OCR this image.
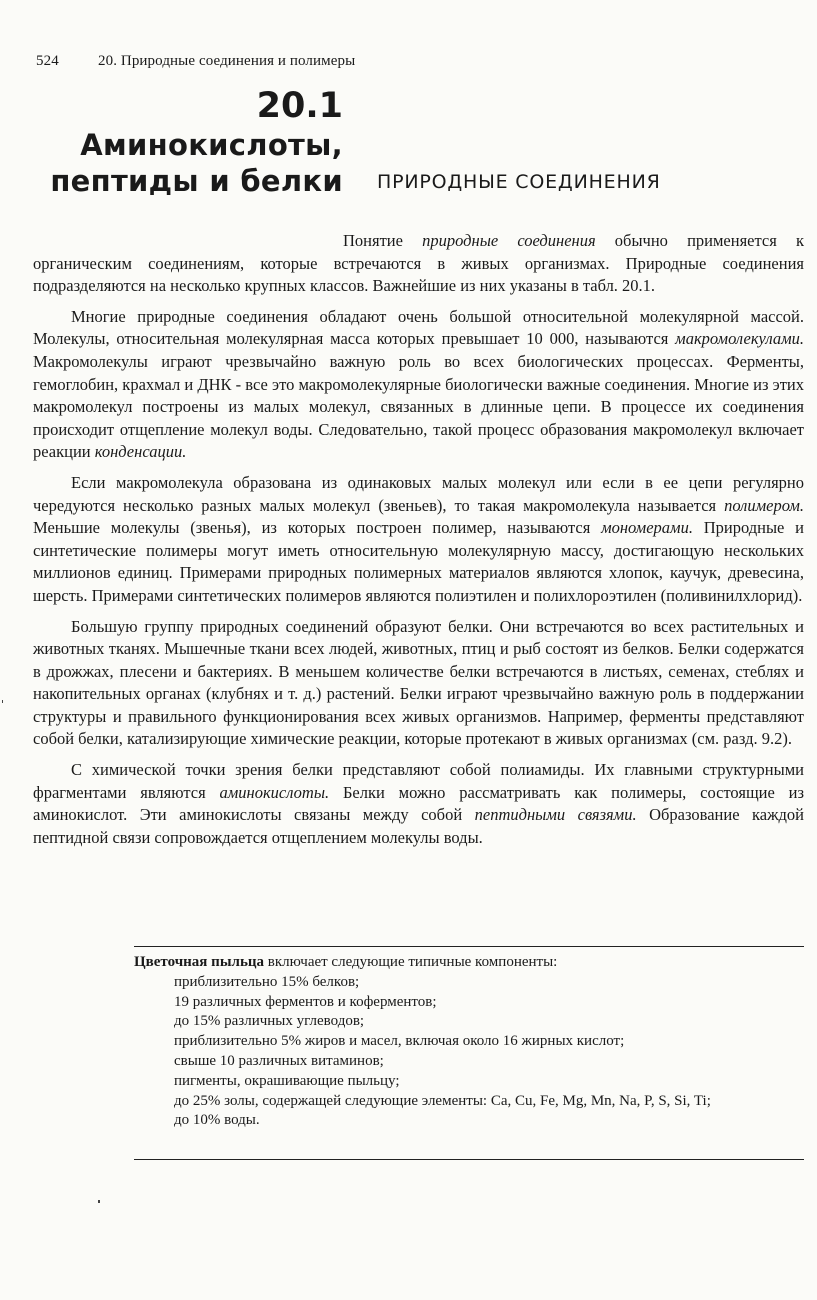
524	20. Природные соединения и полимеры
20.1
Аминокислоты,
пептиды и белки ПРИРОДНЫЕ СОЕДИНЕНИЯ

Понятие природные соединения обычно применяется к органическим соединениям, которые встречаются в живых организмах. Природные соединения подразделяются на несколько крупных классов. Важнейшие из них указаны в табл. 20.1.

Многие природные соединения обладают очень большой относительной молекулярной массой. Молекулы, относительная молекулярная масса которых превышает 10 000, называются макромолекулами. Макромолекулы играют чрезвычайно важную роль во всех биологических процессах. Ферменты, гемоглобин, крахмал и ДНК - все это макромолекулярные биологически важные соединения. Многие из этих макромолекул построены из малых молекул, связанных в длинные цепи. В процессе их соединения происходит отщепление молекул воды. Следовательно, такой процесс образования макромолекул включает реакции конденсации.

Если макромолекула образована из одинаковых малых молекул или если в ее цепи регулярно чередуются несколько разных малых молекул (звеньев), то такая макромолекула называется полимером. Меньшие молекулы (звенья), из которых построен полимер, называются мономерами. Природные и синтетические полимеры могут иметь относительную молекулярную массу, достигающую нескольких миллионов единиц. Примерами природных полимерных материалов являются хлопок, каучук, древесина, шерсть. Примерами синтетических полимеров являются полиэтилен и полихлороэтилен (поливинилхлорид).

Большую группу природных соединений образуют белки. Они встречаются во всех растительных и животных тканях. Мышечные ткани всех людей, животных, птиц и рыб состоят из белков. Белки содержатся в дрожжах, плесени и бактериях. В меньшем количестве белки встречаются в листьях, семенах, стеблях и накопительных органах (клубнях и т. д.) растений. Белки играют чрезвычайно важную роль в поддержании структуры и правильного функционирования всех живых организмов. Например, ферменты представляют собой белки, катализирующие химические реакции, которые протекают в живых организмах (см. разд. 9.2).

С химической точки зрения белки представляют собой полиамиды. Их главными структурными фрагментами являются аминокислоты. Белки можно рассматривать как полимеры, состоящие из аминокислот. Эти аминокислоты связаны между собой пептидными связями. Образование каждой пептидной связи сопровождается отщеплением молекулы воды.

Цветочная пыльца включает следующие типичные компоненты:

приблизительно 15% белков;
19 различных ферментов и коферментов;
до 15% различных углеводов;
приблизительно 5% жиров и масел, включая около 16 жирных кислот;
свыше 10 различных витаминов;
пигменты, окрашивающие пыльцу;
до 25% золы, содержащей следующие элементы: Ca, Cu, Fe, Mg, Mn, Na, P, S, Si, Ti;
до 10% воды.
